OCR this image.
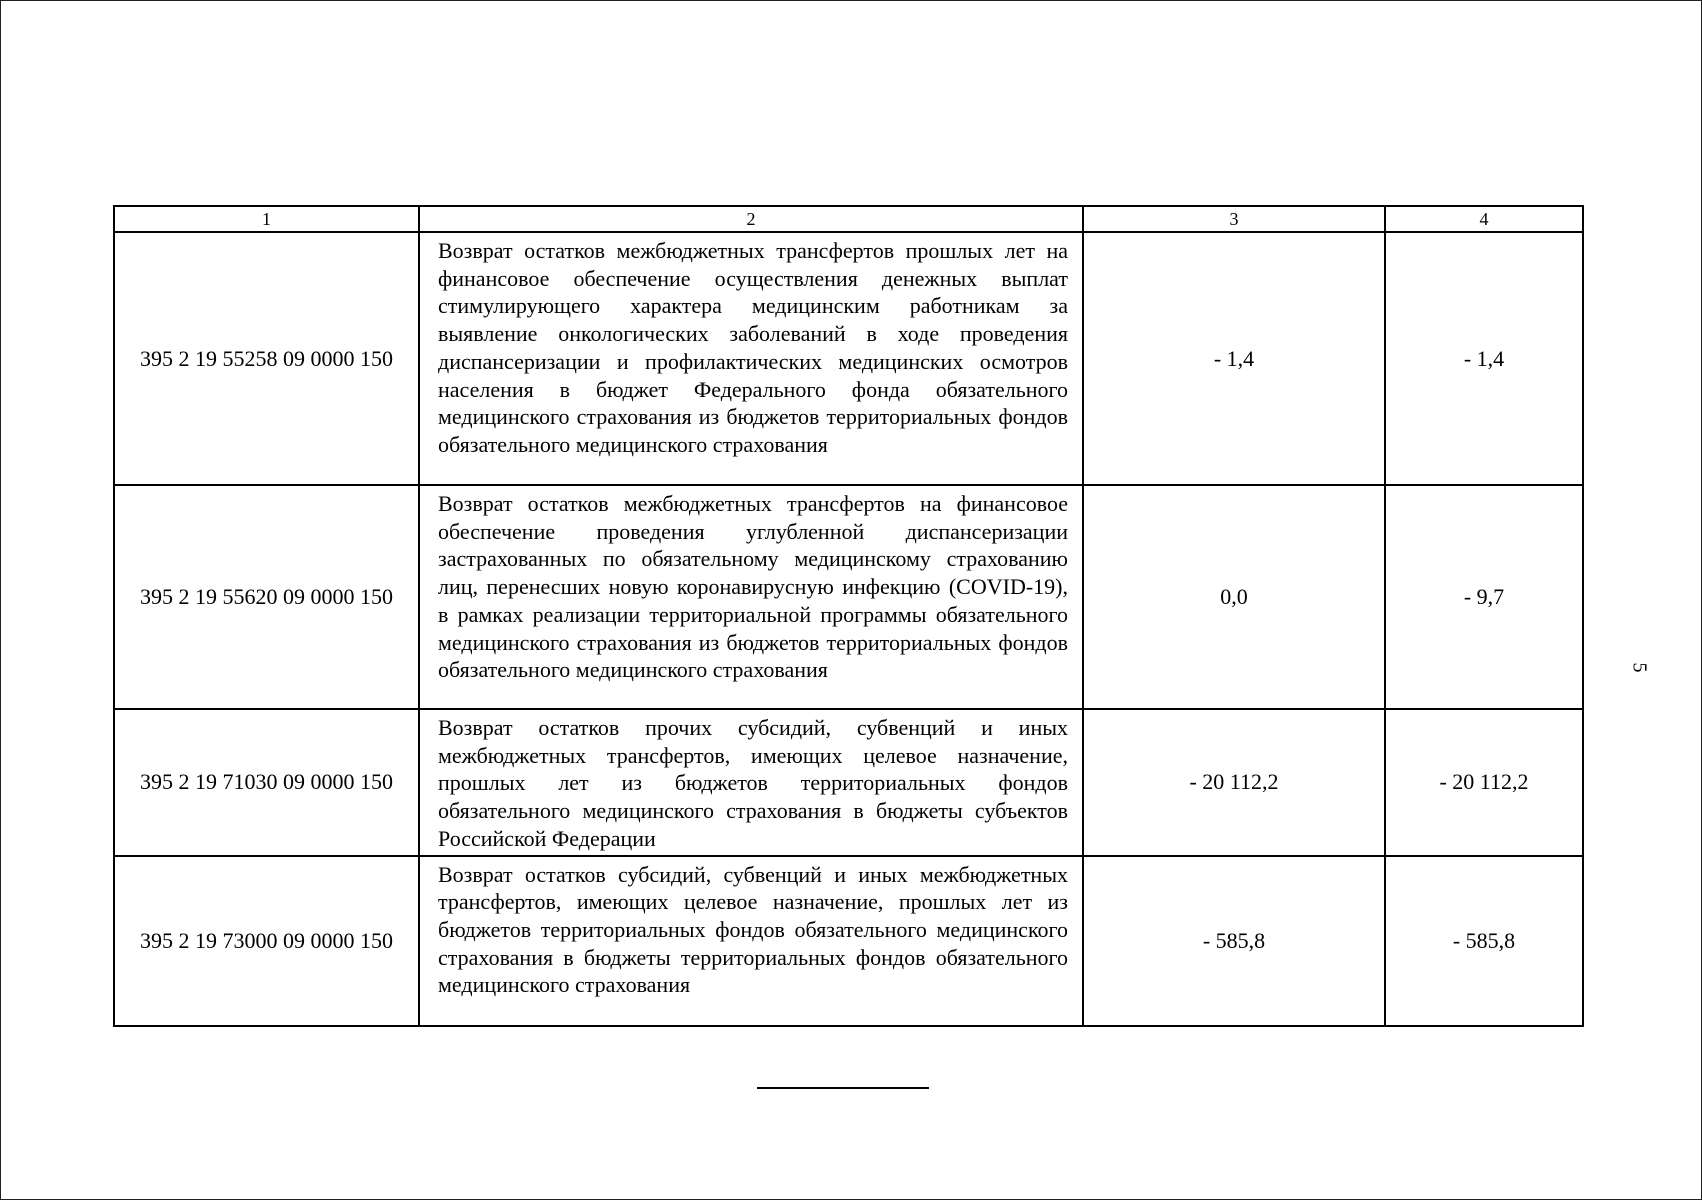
1	2	3	4
395 2 19 55258 09 0000 150	Возврат остатков межбюджетных трансфертов прошлых лет на финансовое обеспечение осуществления денежных выплат стимулирующего характера медицинским работникам за выявление онкологических заболеваний в ходе проведения диспансеризации и профилактических медицинских осмотров населения в бюджет Федерального фонда обязательного медицинского страхования из бюджетов территориальных фондов обязательного медицинского страхования	- 1,4	- 1,4
395 2 19 55620 09 0000 150	Возврат остатков межбюджетных трансфертов на финансовое обеспечение проведения углубленной диспансеризации застрахованных по обязательному медицинскому страхованию лиц, перенесших новую коронавирусную инфекцию (COVID-19), в рамках реализации территориальной программы обязательного медицинского страхования из бюджетов территориальных фондов обязательного медицинского страхования	0,0	- 9,7
395 2 19 71030 09 0000 150	Возврат остатков прочих субсидий, субвенций и иных межбюджетных трансфертов, имеющих целевое назначение, прошлых лет из бюджетов территориальных фондов обязательного медицинского страхования в бюджеты субъектов Российской Федерации	- 20 112,2	- 20 112,2
395 2 19 73000 09 0000 150	Возврат остатков субсидий, субвенций и иных межбюджетных трансфертов, имеющих целевое назначение, прошлых лет из бюджетов территориальных фондов обязательного медицинского страхования в бюджеты территориальных фондов обязательного медицинского страхования	- 585,8	- 585,8
5
